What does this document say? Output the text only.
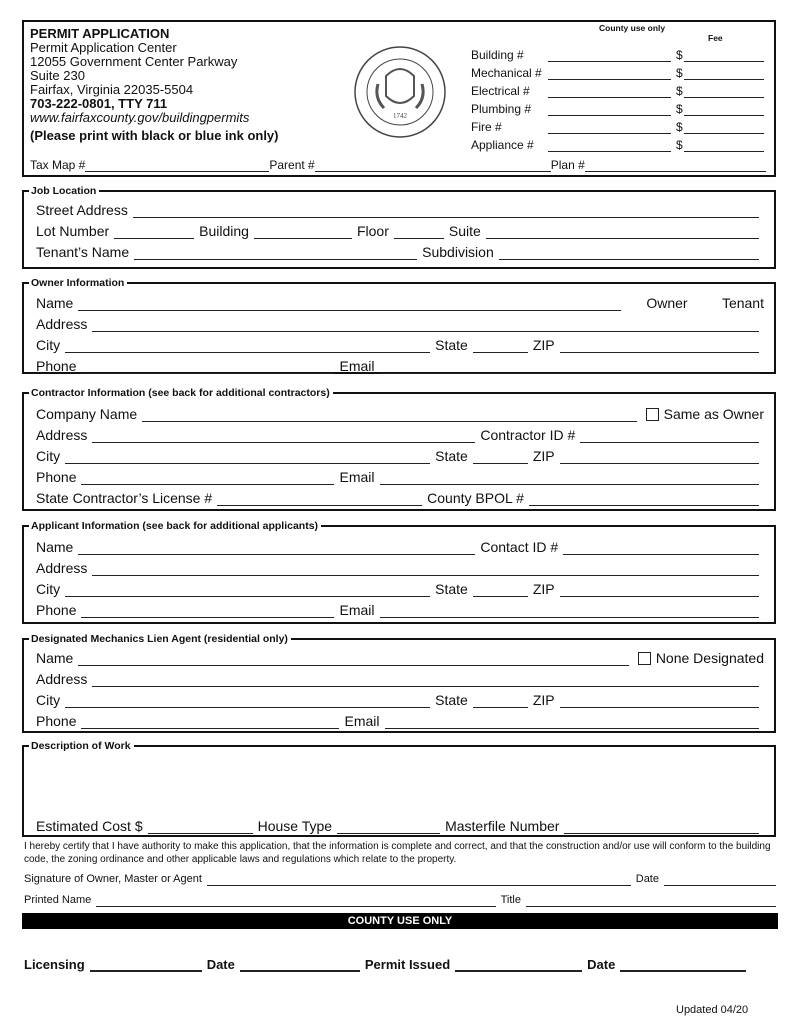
PERMIT APPLICATION
Permit Application Center
12055 Government Center Parkway
Suite 230
Fairfax, Virginia 22035-5504
703-222-0801, TTY 711
www.fairfaxcounty.gov/buildingpermits
(Please print with black or blue ink only)
1742
County use only
Fee
Building #	$
Mechanical #	$
Electrical #	$
Plumbing #	$
Fire #	$
Appliance #	$
Tax Map #	Parent #	Plan #
Job Location
Street Address
Lot Number	Building	Floor	Suite
Tenant’s Name	Subdivision
Owner Information
Name	Owner Tenant
Address
City	State	ZIP
Phone	Email
Contractor Information (see back for additional contractors)
Company Name	Same as Owner
Address	Contractor ID #
City	State	ZIP
Phone	Email
State Contractor’s License #	County BPOL #
Applicant Information (see back for additional applicants)
Name	Contact ID #
Address
City	State	ZIP
Phone	Email
Designated Mechanics Lien Agent (residential only)
Name	None Designated
Address
City	State	ZIP
Phone	Email
Description of Work
Estimated Cost $	House Type	Masterfile Number
I hereby certify that I have authority to make this application, that the information is complete and correct, and that the construction and/or use will conform to the building code, the zoning ordinance and other applicable laws and regulations which relate to the property.
Signature of Owner, Master or Agent	Date
Printed Name	Title
COUNTY USE ONLY
Licensing	Date	Permit Issued	Date
Updated 04/20
